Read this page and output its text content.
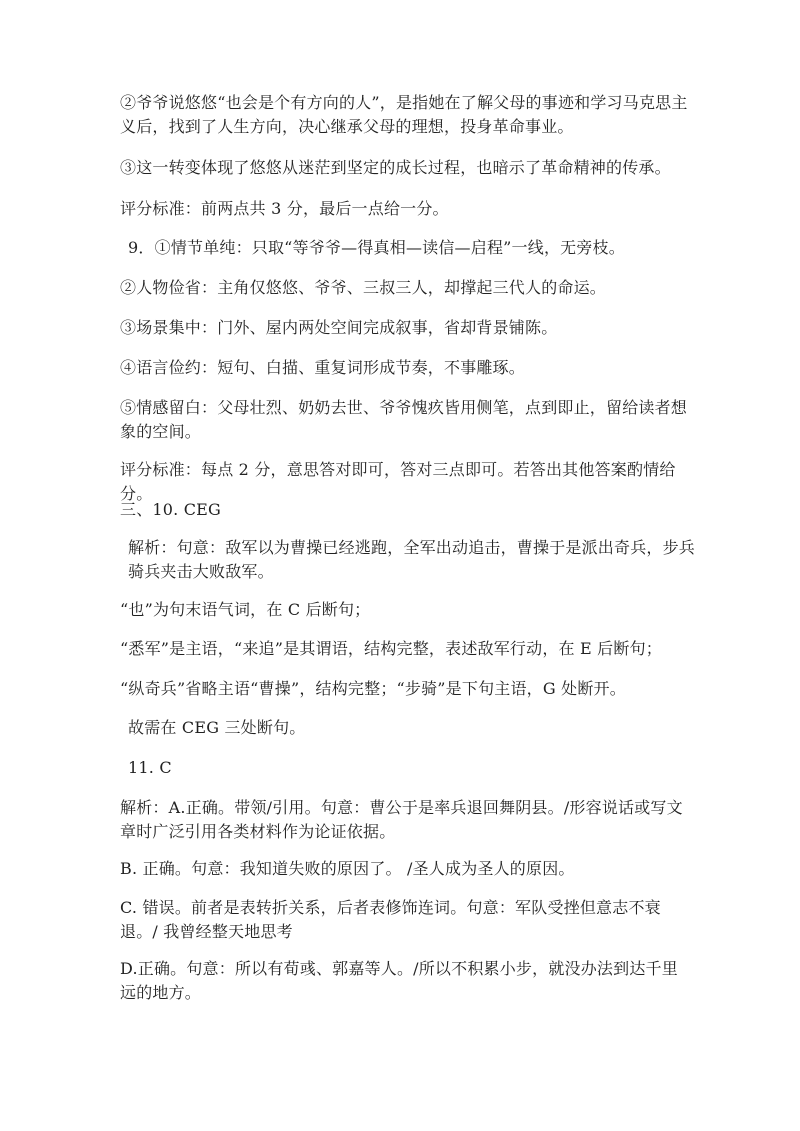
②爷爷说悠悠“也会是个有方向的人”，是指她在了解父母的事迹和学习马克思主义后，找到了人生方向，决心继承父母的理想，投身革命事业。
③这一转变体现了悠悠从迷茫到坚定的成长过程，也暗示了革命精神的传承。
评分标准：前两点共 3 分，最后一点给一分。
9．①情节单纯：只取“等爷爷—得真相—读信—启程”一线，无旁枝。
②人物俭省：主角仅悠悠、爷爷、三叔三人，却撑起三代人的命运。
③场景集中：门外、屋内两处空间完成叙事，省却背景铺陈。
④语言俭约：短句、白描、重复词形成节奏，不事雕琢。
⑤情感留白：父母壮烈、奶奶去世、爷爷愧疚皆用侧笔，点到即止，留给读者想象的空间。
评分标准：每点 2 分，意思答对即可，答对三点即可。若答出其他答案酌情给分。
三、10. CEG
解析：句意：敌军以为曹操已经逃跑，全军出动追击，曹操于是派出奇兵，步兵骑兵夹击大败敌军。
“也”为句末语气词，在 C 后断句；
“悉军”是主语，“来追”是其谓语，结构完整，表述敌军行动，在 E 后断句；
“纵奇兵”省略主语“曹操”，结构完整；“步骑”是下句主语，G 处断开。
故需在 CEG 三处断句。
11. C
解析：A.正确。带领/引用。句意：曹公于是率兵退回舞阴县。/形容说话或写文章时广泛引用各类材料作为论证依据。
B. 正确。句意：我知道失败的原因了。 /圣人成为圣人的原因。
C. 错误。前者是表转折关系，后者表修饰连词。句意：军队受挫但意志不衰退。/ 我曾经整天地思考
D.正确。句意：所以有荀彧、郭嘉等人。/所以不积累小步，就没办法到达千里远的地方。
